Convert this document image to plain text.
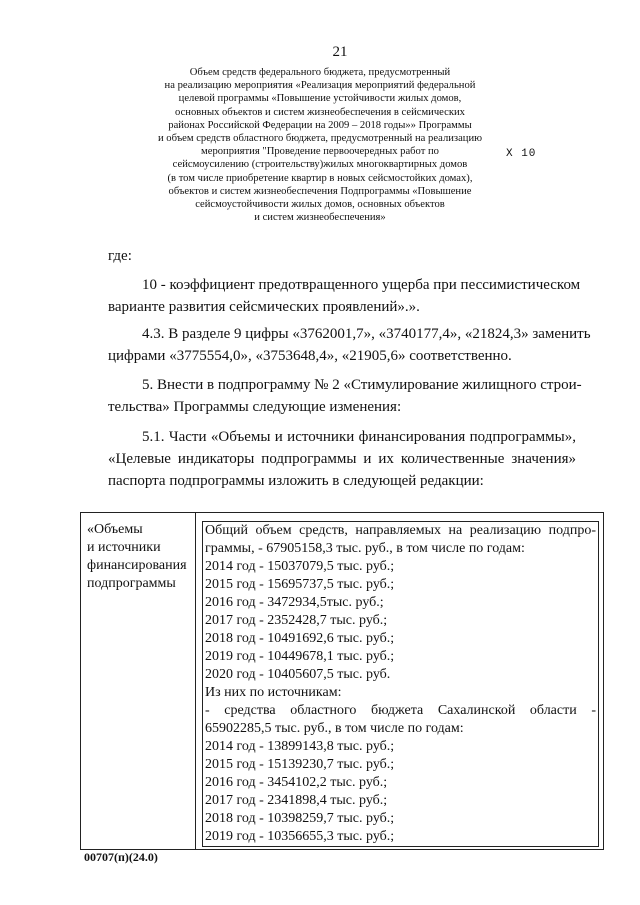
21
Объем средств федерального бюджета, предусмотренный
на реализацию мероприятия «Реализация мероприятий федеральной
целевой программы «Повышение устойчивости жилых домов,
основных объектов и систем жизнеобеспечения в сейсмических
районах Российской Федерации на 2009 – 2018 годы»» Программы
и объем средств областного бюджета, предусмотренный на реализацию
мероприятия "Проведение первоочередных работ по
сейсмоусилению (строительству)жилых многоквартирных домов
(в том числе приобретение квартир в новых сейсмостойких домах),
объектов и систем жизнеобеспечения Подпрограммы «Повышение
сейсмоустойчивости жилых домов, основных объектов
и систем жизнеобеспечения»
X 10
где:
10 - коэффициент предотвращенного ущерба при пессимистическом
варианте развития сейсмических проявлений».».
4.3. В разделе 9 цифры «3762001,7», «3740177,4», «21824,3» заменить
цифрами «3775554,0», «3753648,4», «21905,6» соответственно.
5. Внести в подпрограмму № 2 «Стимулирование жилищного строи-
тельства» Программы следующие изменения:
5.1. Части «Объемы и источники финансирования подпрограммы»,
«Целевые индикаторы подпрограммы и их количественные значения»
паспорта подпрограммы изложить в следующей редакции:
«Объемы
и источники
финансирования
подпрограммы

Общий объем средств, направляемых на реализацию подпро-
граммы, - 67905158,3 тыс. руб., в том числе по годам:
2014 год - 15037079,5 тыс. руб.;
2015 год - 15695737,5 тыс. руб.;
2016 год - 3472934,5тыс. руб.;
2017 год - 2352428,7 тыс. руб.;
2018 год - 10491692,6 тыс. руб.;
2019 год - 10449678,1 тыс. руб.;
2020 год - 10405607,5 тыс. руб.
Из них по источникам:
- средства областного бюджета Сахалинской области -
65902285,5 тыс. руб., в том числе по годам:
2014 год - 13899143,8 тыс. руб.;
2015 год - 15139230,7 тыс. руб.;
2016 год - 3454102,2 тыс. руб.;
2017 год - 2341898,4 тыс. руб.;
2018 год - 10398259,7 тыс. руб.;
2019 год - 10356655,3 тыс. руб.;
00707(п)(24.0)
